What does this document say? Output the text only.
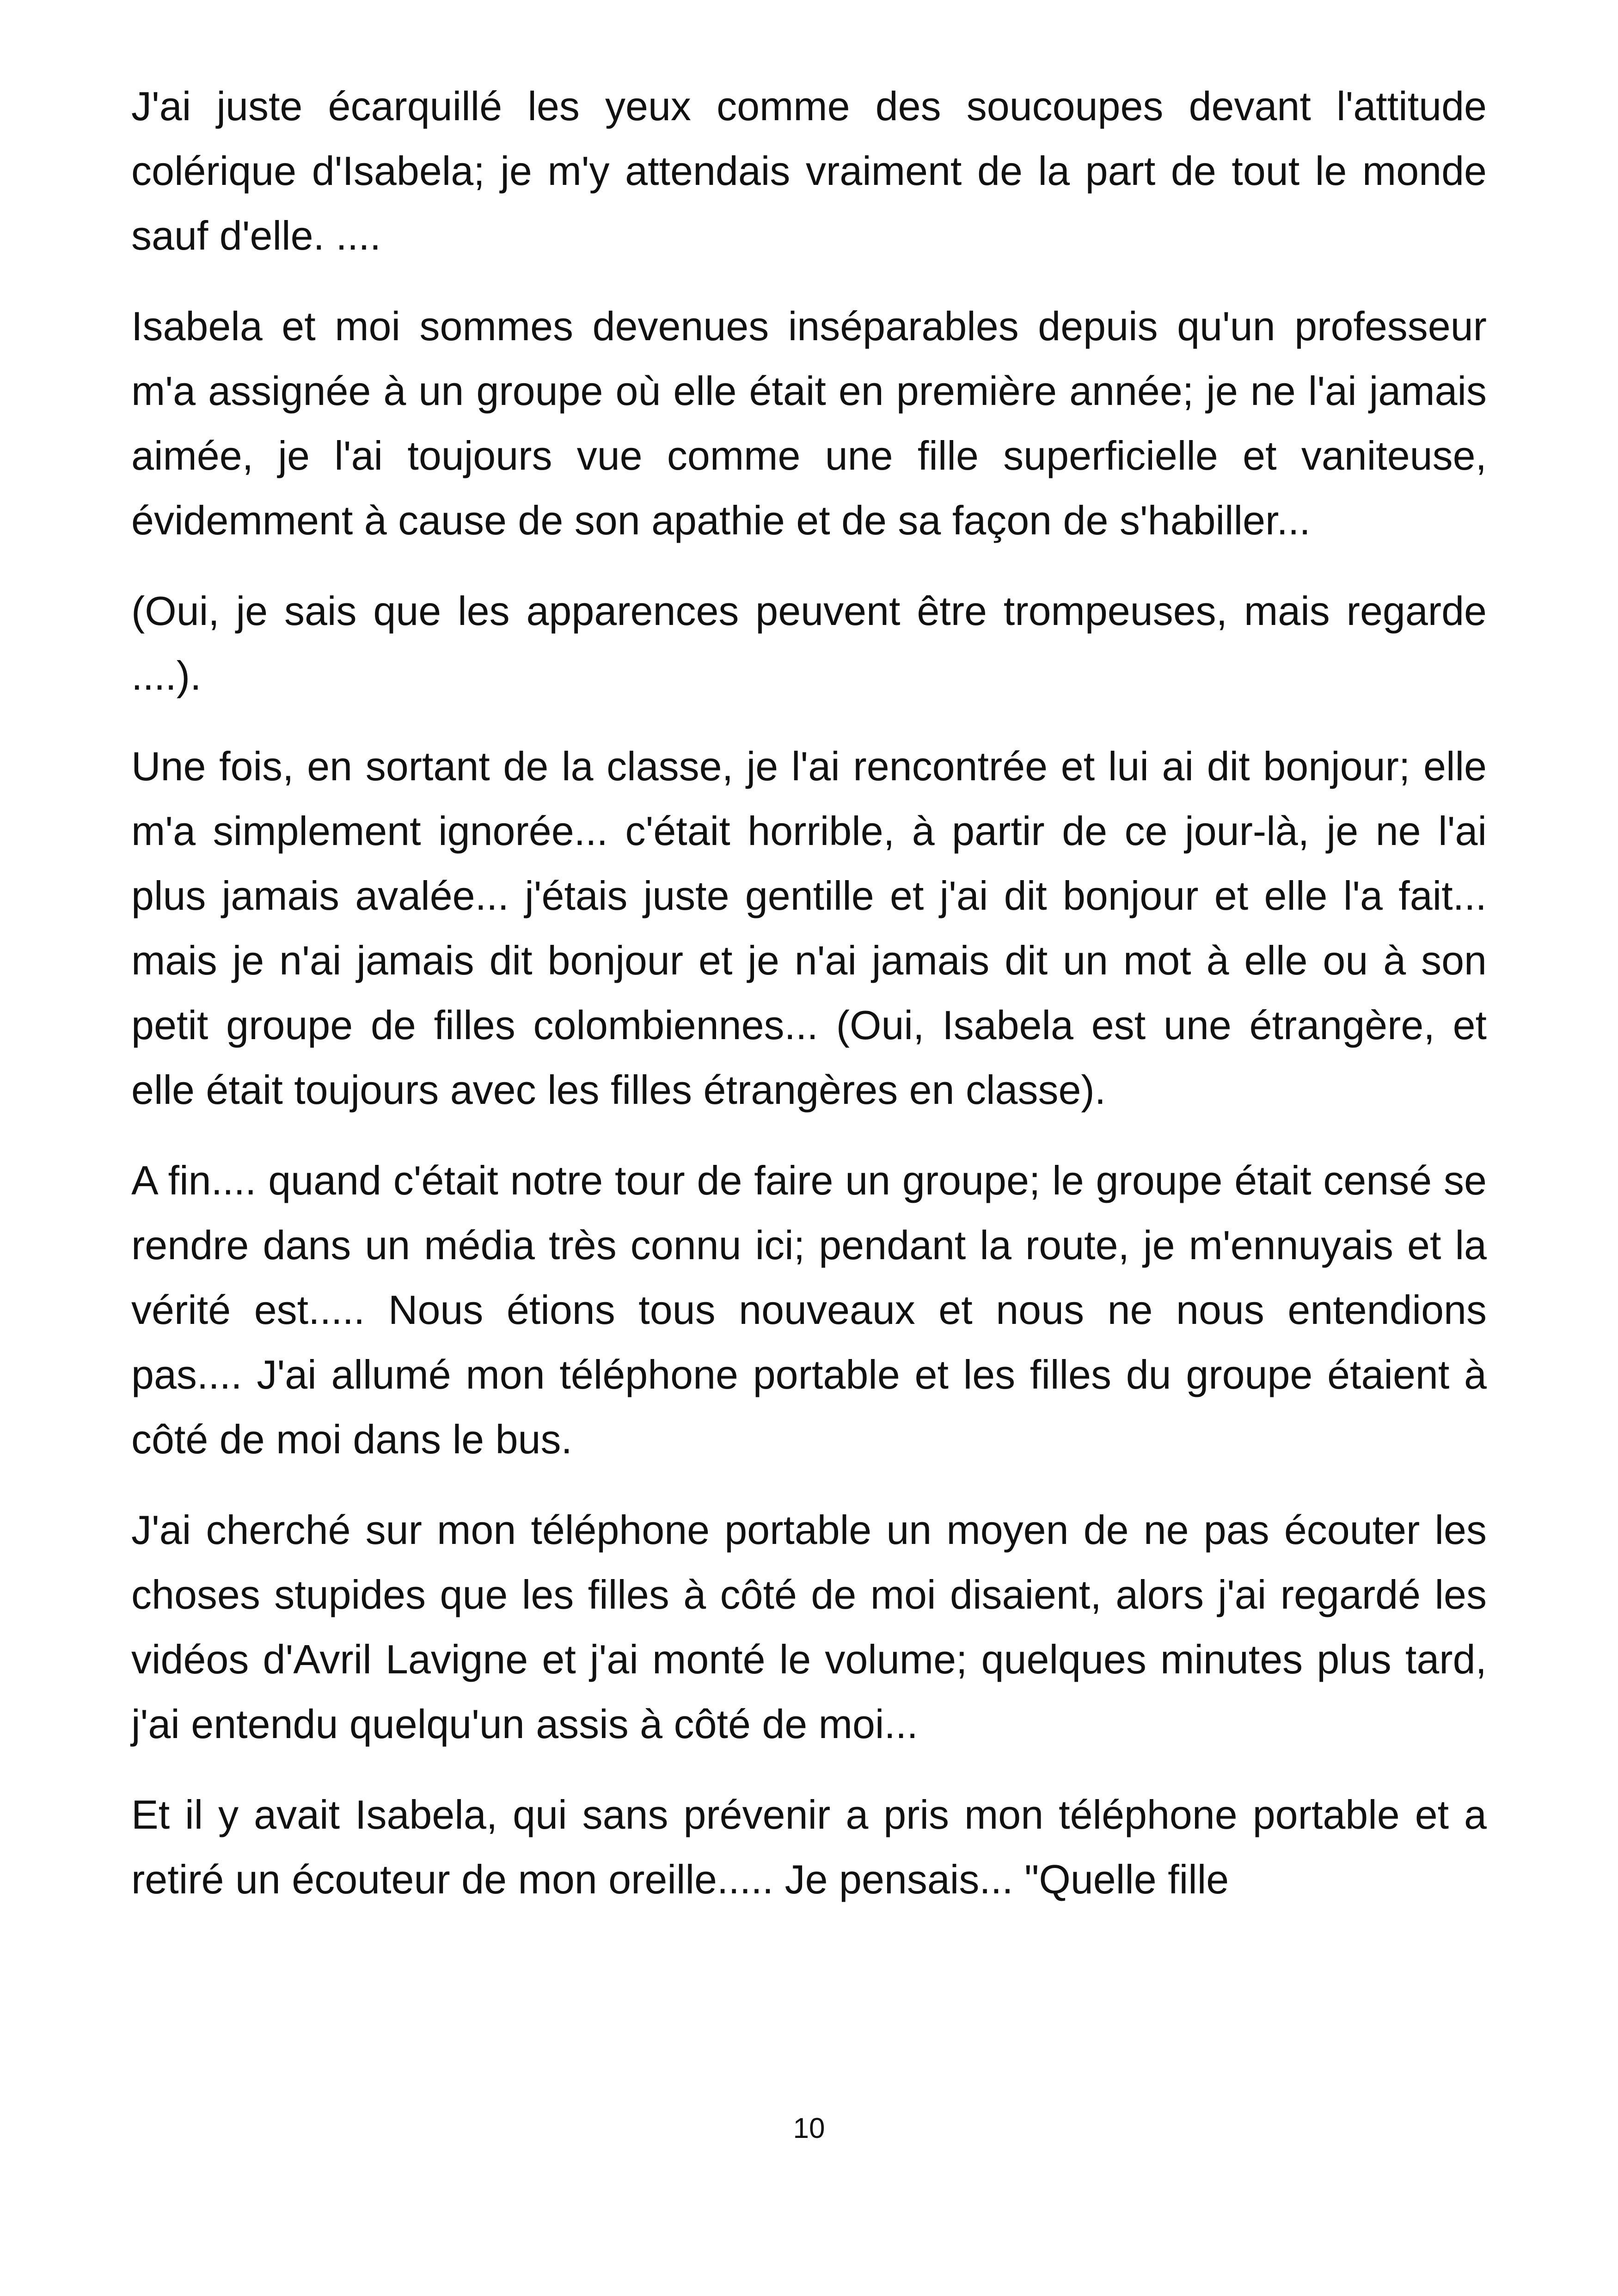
J'ai juste écarquillé les yeux comme des soucoupes devant l'attitude colérique d'Isabela; je m'y attendais vraiment de la part de tout le monde sauf d'elle. ....

Isabela et moi sommes devenues inséparables depuis qu'un professeur m'a assignée à un groupe où elle était en première année; je ne l'ai jamais aimée, je l'ai toujours vue comme une fille superficielle et vaniteuse, évidemment à cause de son apathie et de sa façon de s'habiller...

(Oui, je sais que les apparences peuvent être trompeuses, mais regarde ....).

Une fois, en sortant de la classe, je l'ai rencontrée et lui ai dit bonjour; elle m'a simplement ignorée... c'était horrible, à partir de ce jour-là, je ne l'ai plus jamais avalée... j'étais juste gentille et j'ai dit bonjour et elle l'a fait... mais je n'ai jamais dit bonjour et je n'ai jamais dit un mot à elle ou à son petit groupe de filles colombiennes... (Oui, Isabela est une étrangère, et elle était toujours avec les filles étrangères en classe).

A fin.... quand c'était notre tour de faire un groupe; le groupe était censé se rendre dans un média très connu ici; pendant la route, je m'ennuyais et la vérité est..... Nous étions tous nouveaux et nous ne nous entendions pas.... J'ai allumé mon téléphone portable et les filles du groupe étaient à côté de moi dans le bus.

J'ai cherché sur mon téléphone portable un moyen de ne pas écouter les choses stupides que les filles à côté de moi disaient, alors j'ai regardé les vidéos d'Avril Lavigne et j'ai monté le volume; quelques minutes plus tard, j'ai entendu quelqu'un assis à côté de moi...

Et il y avait Isabela, qui sans prévenir a pris mon téléphone portable et a retiré un écouteur de mon oreille..... Je pensais... "Quelle fille

10
